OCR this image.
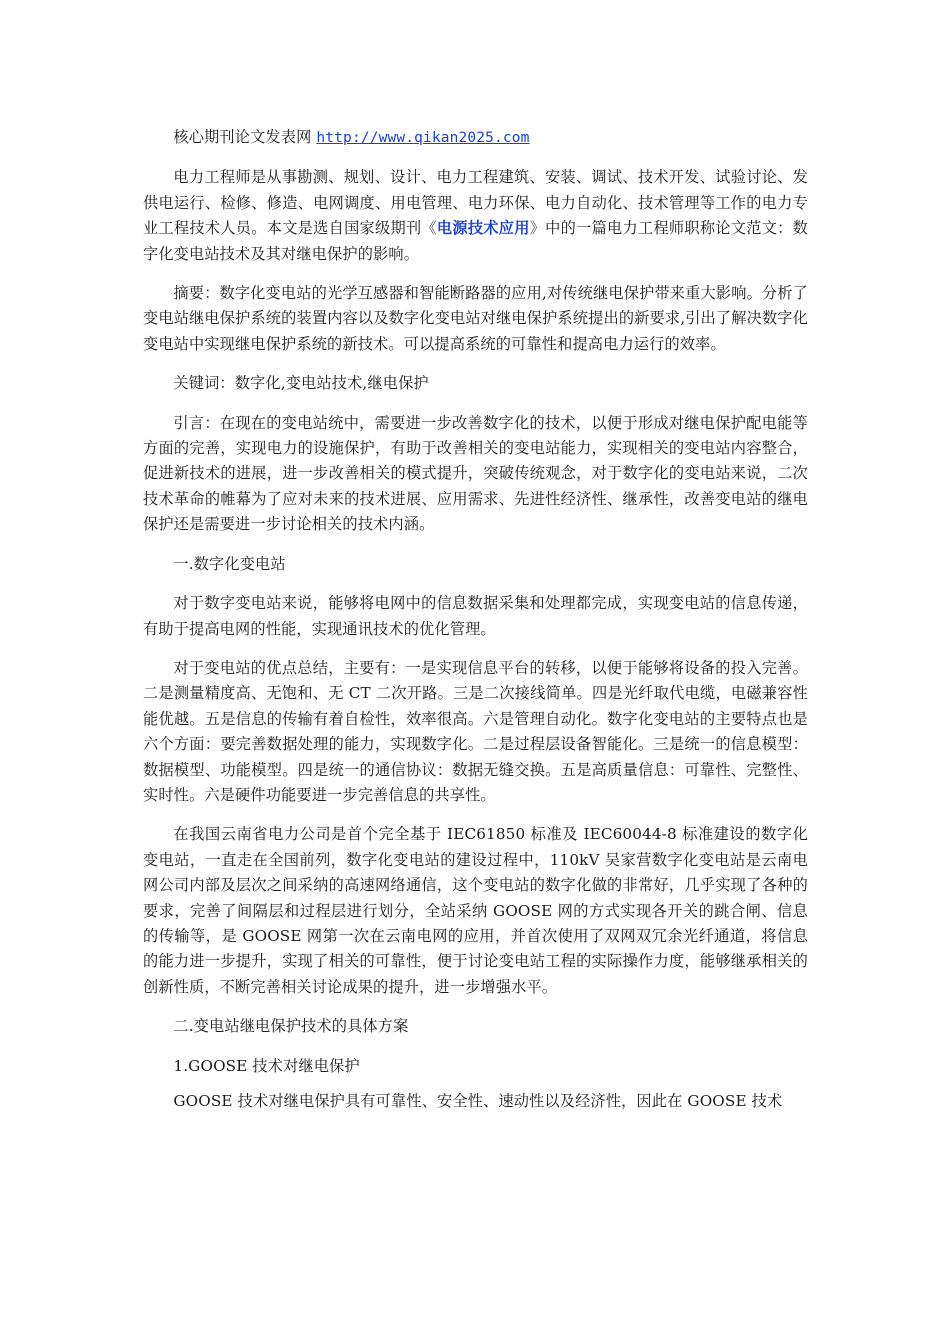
核心期刊论文发表网 http://www.qikan2025.com

电力工程师是从事勘测、规划、设计、电力工程建筑、安装、调试、技术开发、试验讨论、发供电运行、检修、修造、电网调度、用电管理、电力环保、电力自动化、技术管理等工作的电力专业工程技术人员。本文是选自国家级期刊《电源技术应用》中的一篇电力工程师职称论文范文：数字化变电站技术及其对继电保护的影响。

摘要：数字化变电站的光学互感器和智能断路器的应用,对传统继电保护带来重大影响。分析了变电站继电保护系统的装置内容以及数字化变电站对继电保护系统提出的新要求,引出了解决数字化变电站中实现继电保护系统的新技术。可以提高系统的可靠性和提高电力运行的效率。

关键词：数字化,变电站技术,继电保护

引言：在现在的变电站统中，需要进一步改善数字化的技术，以便于形成对继电保护配电能等方面的完善，实现电力的设施保护，有助于改善相关的变电站能力，实现相关的变电站内容整合，促进新技术的进展，进一步改善相关的模式提升，突破传统观念，对于数字化的变电站来说，二次技术革命的帷幕为了应对未来的技术进展、应用需求、先进性经济性、继承性，改善变电站的继电保护还是需要进一步讨论相关的技术内涵。

一.数字化变电站

对于数字变电站来说，能够将电网中的信息数据采集和处理都完成，实现变电站的信息传递，有助于提高电网的性能，实现通讯技术的优化管理。

对于变电站的优点总结，主要有：一是实现信息平台的转移，以便于能够将设备的投入完善。二是测量精度高、无饱和、无 CT 二次开路。三是二次接线简单。四是光纤取代电缆，电磁兼容性能优越。五是信息的传输有着自检性，效率很高。六是管理自动化。数字化变电站的主要特点也是六个方面：要完善数据处理的能力，实现数字化。二是过程层设备智能化。三是统一的信息模型：数据模型、功能模型。四是统一的通信协议：数据无缝交换。五是高质量信息：可靠性、完整性、实时性。六是硬件功能要进一步完善信息的共享性。

在我国云南省电力公司是首个完全基于 IEC61850 标准及 IEC60044-8 标准建设的数字化变电站，一直走在全国前列，数字化变电站的建设过程中，110kV 吴家营数字化变电站是云南电网公司内部及层次之间采纳的高速网络通信，这个变电站的数字化做的非常好，几乎实现了各种的要求，完善了间隔层和过程层进行划分，全站采纳 GOOSE 网的方式实现各开关的跳合闸、信息的传输等，是 GOOSE 网第一次在云南电网的应用，并首次使用了双网双冗余光纤通道，将信息的能力进一步提升，实现了相关的可靠性，便于讨论变电站工程的实际操作力度，能够继承相关的创新性质，不断完善相关讨论成果的提升，进一步增强水平。

二.变电站继电保护技术的具体方案

1.GOOSE 技术对继电保护

GOOSE 技术对继电保护具有可靠性、安全性、速动性以及经济性，因此在 GOOSE 技术
